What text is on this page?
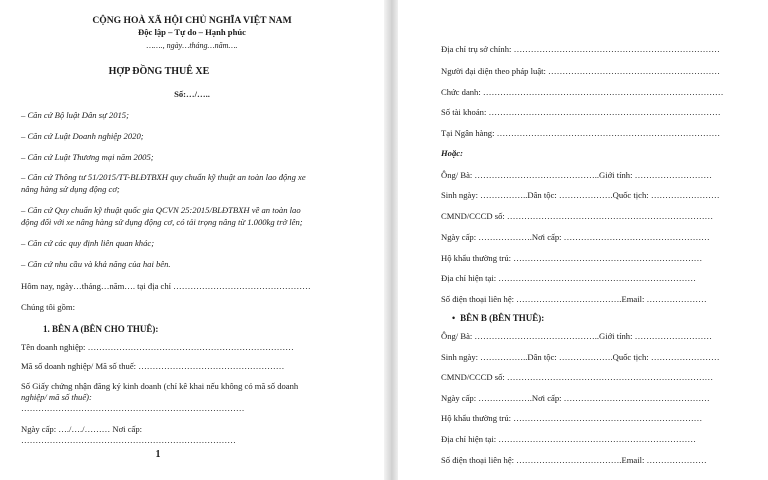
CỘNG HOÀ XÃ HỘI CHỦ NGHĨA VIỆT NAM
Độc lập – Tự do – Hạnh phúc
……., ngày…tháng…năm….
HỢP ĐỒNG THUÊ XE
Số:…/…..
– Căn cứ Bộ luật Dân sự 2015;
– Căn cứ Luật Doanh nghiệp 2020;
– Căn cứ Luật Thương mại năm 2005;
– Căn cứ Thông tư 51/2015/TT-BLĐTBXH quy chuẩn kỹ thuật an toàn lao động xe
nâng hàng sử dụng động cơ;
– Căn cứ Quy chuẩn kỹ thuật quốc gia QCVN 25:2015/BLĐTBXH về an toàn lao
động đối với xe nâng hàng sử dụng động cơ, có tải trọng nâng từ 1.000kg trở lên;
– Căn cứ các quy định liên quan khác;
– Căn cứ nhu cầu và khả năng của hai bên.
Hôm nay, ngày…tháng…năm…. tại địa chỉ …………………………………………
Chúng tôi gồm:
1. BÊN A (BÊN CHO THUÊ):
Tên doanh nghiệp: ………………………………………………………………
Mã số doanh nghiệp/ Mã số thuế: ……………………………………………
Số Giấy chứng nhận đăng ký kinh doanh (chỉ kê khai nếu không có mã số doanh
nghiệp/ mã số thuế):
……………………………………………………………………
Ngày cấp: …./…./……… Nơi cấp:
…………………………………………………………………
1
Địa chỉ trụ sở chính: ………………………………………………………………
Người đại diện theo pháp luật: ……………………………………………………
Chức danh: …………………………………………………………………………
Số tài khoản: ………………………………………………………………………
Tại Ngân hàng: ……………………………………………………………………
Hoặc:
Ông/ Bà: ……………………………………..Giới tính: ………………………
Sinh ngày: ……………..Dân tộc: ……………….Quốc tịch: ……………………
CMND/CCCD số: ………………………………………………………………
Ngày cấp: ……………….Nơi cấp: ……………………………………………
Hộ khẩu thường trú: …………………………………………………………
Địa chỉ hiện tại: ……………………………………………………………
Số điện thoại liên hệ: ……………………………….Email: …………………
• BÊN B (BÊN THUÊ):
Ông/ Bà: ……………………………………..Giới tính: ………………………
Sinh ngày: ……………..Dân tộc: ……………….Quốc tịch: ……………………
CMND/CCCD số: ………………………………………………………………
Ngày cấp: ……………….Nơi cấp: ……………………………………………
Hộ khẩu thường trú: …………………………………………………………
Địa chỉ hiện tại: ……………………………………………………………
Số điện thoại liên hệ: ……………………………….Email: …………………
